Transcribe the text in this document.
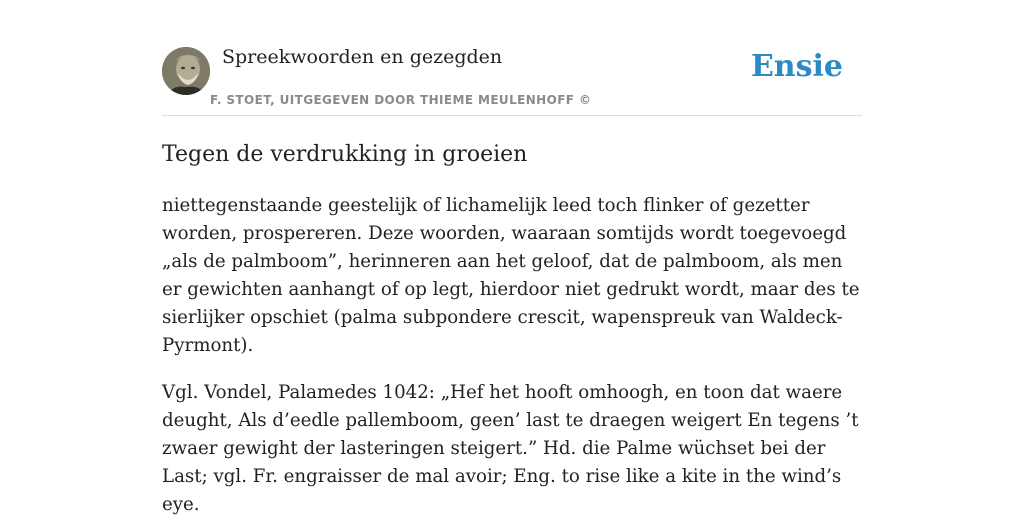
Spreekwoorden en gezegden
F. STOET, UITGEGEVEN DOOR THIEME MEULENHOFF ©
Ensie
Tegen de verdrukking in groeien

niettegenstaande geestelijk of lichamelijk leed toch flinker of gezetter worden, prospereren. Deze woorden, waaraan somtijds wordt toegevoegd „als de palmboom”, herinneren aan het geloof, dat de palmboom, als men er gewichten aanhangt of op legt, hierdoor niet gedrukt wordt, maar des te sierlijker opschiet (palma subpondere crescit, wapenspreuk van Waldeck-Pyrmont).

Vgl. Vondel, Palamedes 1042: „Hef het hooft omhoogh, en toon dat waere deught, Als d’eedle pallemboom, geen’ last te draegen weigert En tegens ’t zwaer gewight der lasteringen steigert.” Hd. die Palme wüchset bei der Last; vgl. Fr. engraisser de mal avoir; Eng. to rise like a kite in the wind’s eye.
